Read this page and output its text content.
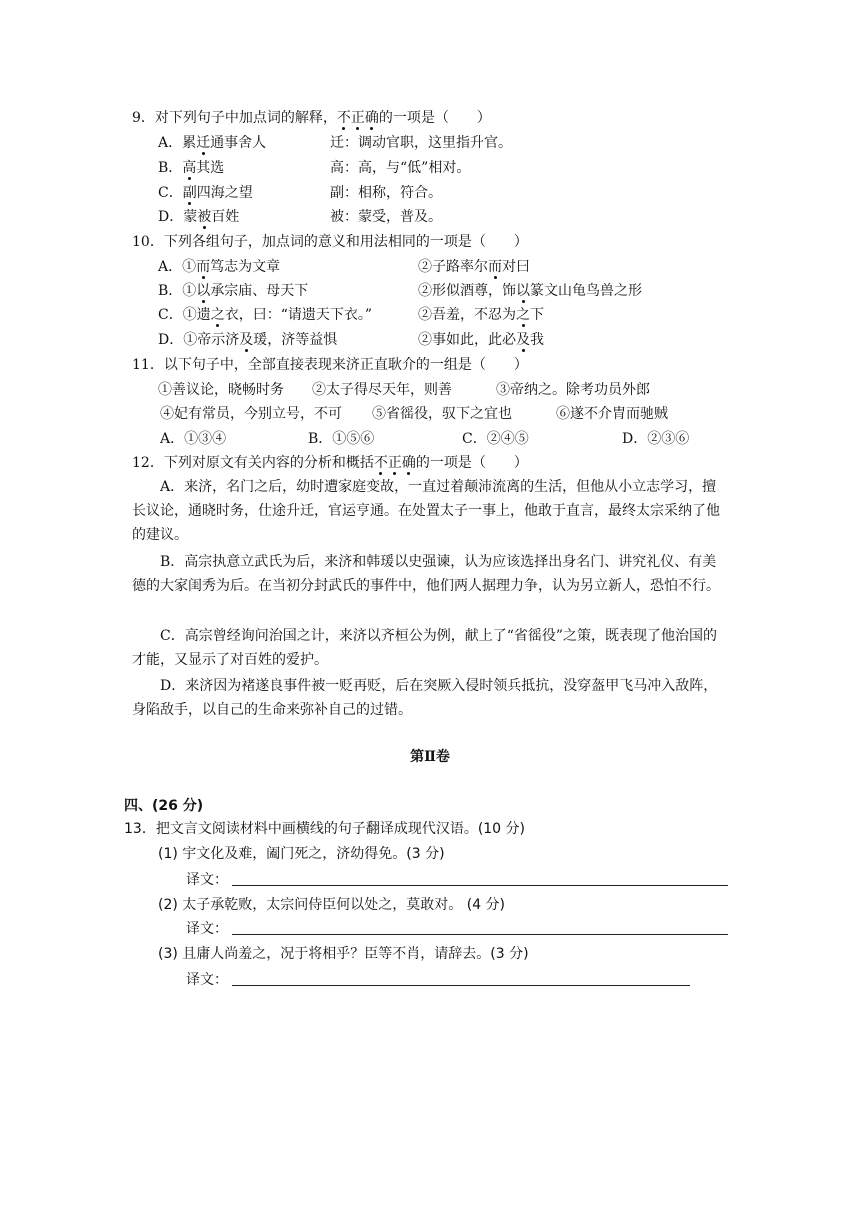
9．对下列句子中加点词的解释，不正确的一项是（　　）
A．累迁通事舍人	迁：调动官职，这里指升官。
B．高其选	高：高，与“低”相对。
C．副四海之望	副：相称，符合。
D．蒙被百姓	被：蒙受，普及。
10．下列各组句子，加点词的意义和用法相同的一项是（　　）
A．①而笃志为文章	②子路率尔而对曰
B．①以承宗庙、母天下	②形似酒尊，饰以篆文山龟鸟兽之形
C．①遗之衣，曰：“请遗天下衣。”	②吾羞，不忍为之下
D．①帝示济及瑗，济等益惧	②事如此，此必及我
11．以下句子中，全部直接表现来济正直耿介的一组是（　　）
①善议论，晓畅时务 ②太子得尽天年，则善	③帝纳之。除考功员外郎
④妃有常员，今别立号，不可 ⑤省徭役，驭下之宜也	⑥遂不介胄而驰贼
A．①③④	B．①⑤⑥	C．②④⑤	D．②③⑥
12．下列对原文有关内容的分析和概括不正确的一项是（　　）
A．来济，名门之后，幼时遭家庭变故，一直过着颠沛流离的生活，但他从小立志学习，擅长议论，通晓时务，仕途升迁，官运亨通。在处置太子一事上，他敢于直言，最终太宗采纳了他的建议。
B．高宗执意立武氏为后，来济和韩瑗以史强谏，认为应该选择出身名门、讲究礼仪、有美德的大家闺秀为后。在当初分封武氏的事件中，他们两人据理力争，认为另立新人，恐怕不行。
C．高宗曾经询问治国之计，来济以齐桓公为例，献上了“省徭役”之策，既表现了他治国的才能，又显示了对百姓的爱护。
D．来济因为褚遂良事件被一贬再贬，后在突厥入侵时领兵抵抗，没穿盔甲飞马冲入敌阵，身陷敌手，以自己的生命来弥补自己的过错。
第Ⅱ卷
四、(26 分)
13．把文言文阅读材料中画横线的句子翻译成现代汉语。(10 分)
(1) 宇文化及难，阖门死之，济幼得免。(3 分)
译文：
(2) 太子承乾败，太宗问侍臣何以处之，莫敢对。 (4 分)
译文：
(3) 且庸人尚羞之，况于将相乎？臣等不肖，请辞去。(3 分)
译文：
